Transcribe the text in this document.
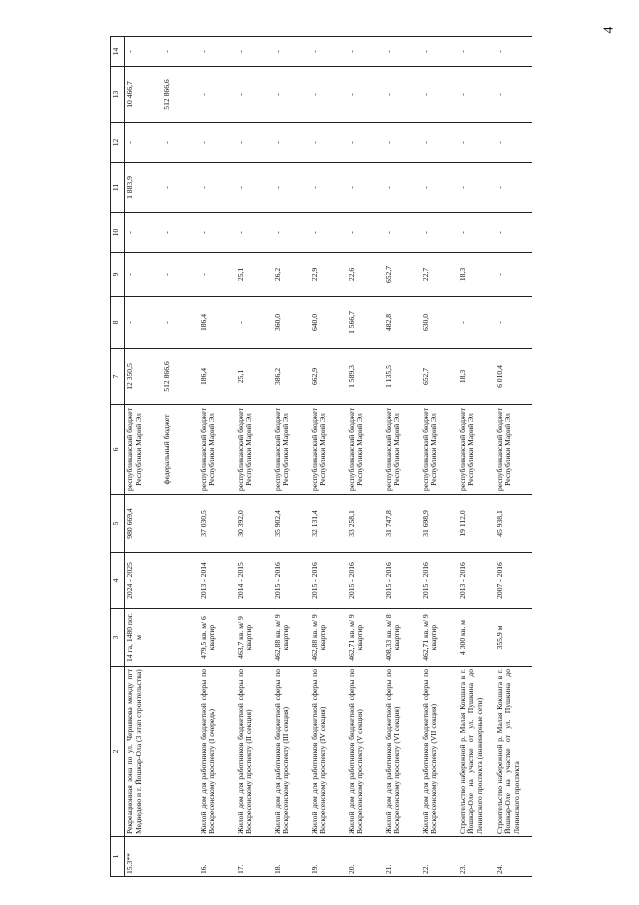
4
1	2	3	4	5	6	7	8	9	10	11	12	13	14
15.3**	Рекреационная зона по ул. Чернякова между пгт Медведево и г. Йошкар-Ола (3 этап строительства)	14 га, 1480 пог. м	2024 - 2025	980 669,4	республиканский бюджет Республики Марий Эл	12 350,5	-	-	-	1 883,9	-	10 466,7	-
					федеральный бюджет	512 866,6	-	-	-	-	-	512 866,6	-
16.	Жилой дом для работников бюджетной сферы по Воскресенскому проспекту (I очередь)	479,5 кв. м/ 6 квартир	2013 - 2014	37 030,5	республиканский бюджет Республики Марий Эл	186,4	186,4	-	-	-	-	-	-
17.	Жилой дом для работников бюджетной сферы по Воскресенскому проспекту (II секция)	463,7 кв. м/ 9 квартир	2014 - 2015	30 392,0	республиканский бюджет Республики Марий Эл	25,1	-	25,1	-	-	-	-	-
18.	Жилой дом для работников бюджетной сферы по Воскресенскому проспекту (III секция)	462,88 кв. м/ 9 квартир	2015 - 2016	35 902,4	республиканский бюджет Республики Марий Эл	386,2	360,0	26,2	-	-	-	-	-
19.	Жилой дом для работников бюджетной сферы по Воскресенскому проспекту (IV секция)	462,88 кв. м/ 9 квартир	2015 - 2016	32 131,4	республиканский бюджет Республики Марий Эл	662,9	640,0	22,9	-	-	-	-	-
20.	Жилой дом для работников бюджетной сферы по Воскресенскому проспекту (V секция)	462,71 кв. м/ 9 квартир	2015 - 2016	33 258,1	республиканский бюджет Республики Марий Эл	1 589,3	1 566,7	22,6	-	-	-	-	-
21.	Жилой дом для работников бюджетной сферы по Воскресенскому проспекту (VI секция)	408,33 кв. м/ 8 квартир	2015 - 2016	31 747,8	республиканский бюджет Республики Марий Эл	1 135,5	482,8	652,7	-	-	-	-	-
22.	Жилой дом для работников бюджетной сферы по Воскресенскому проспекту (VII секция)	462,71 кв. м/ 9 квартир	2015 - 2016	31 698,9	республиканский бюджет Республики Марий Эл	652,7	630,0	22,7	-	-	-	-	-
23.	Строительство набережной р. Малая Кокшага в г. Йошкар-Оле на участке от ул. Пушкина до Ленинского проспекта (инженерные сети)	4 300 кв. м	2013 - 2016	19 112,0	республиканский бюджет Республики Марий Эл	18,3	-	18,3	-	-	-	-	-
24.	Строительство набережной р. Малая Кокшага в г. Йошкар-Оле на участке от ул. Пушкина до Ленинского проспекта	355,9 м	2007 - 2016	45 938,1	республиканский бюджет Республики Марий Эл	6 010,4	-	-	-	-	-	-	-
